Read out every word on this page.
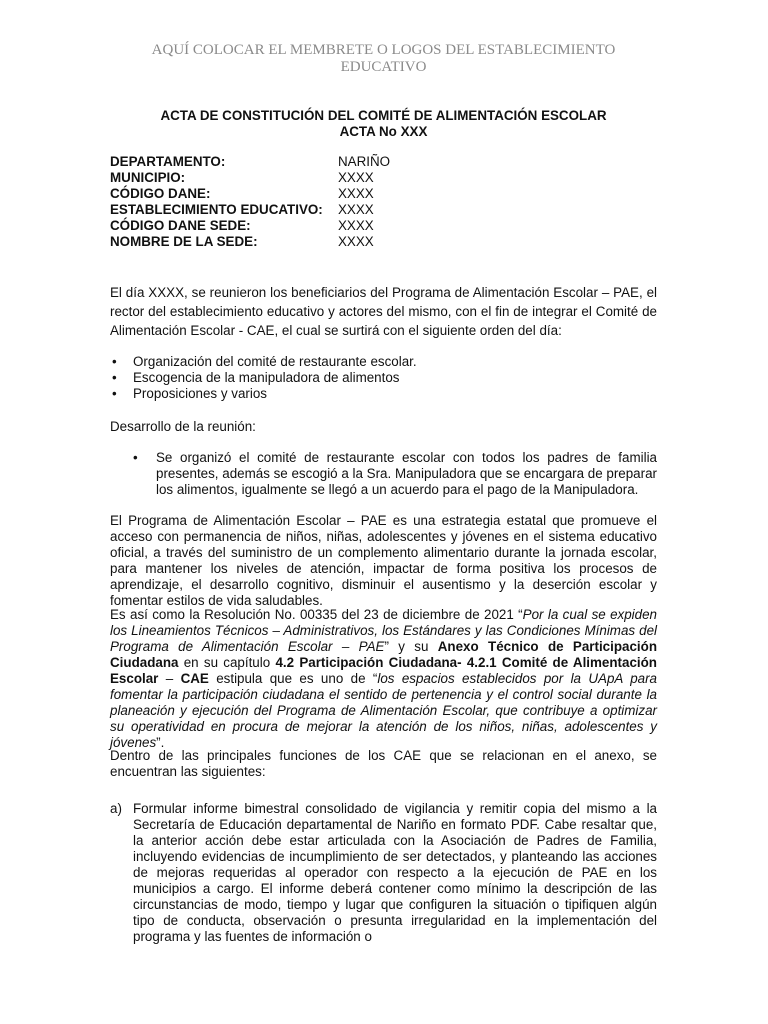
AQUÍ COLOCAR EL MEMBRETE O LOGOS DEL ESTABLECIMIENTO
EDUCATIVO
ACTA DE CONSTITUCIÓN DEL COMITÉ DE ALIMENTACIÓN ESCOLAR
ACTA No XXX
DEPARTAMENTO:	NARIÑO
MUNICIPIO:	XXXX
CÓDIGO DANE:	XXXX
ESTABLECIMIENTO EDUCATIVO:	XXXX
CÓDIGO DANE SEDE:	XXXX
NOMBRE DE LA SEDE:	XXXX

El día XXXX, se reunieron los beneficiarios del Programa de Alimentación Escolar – PAE, el rector del establecimiento educativo y actores del mismo, con el fin de integrar el Comité de Alimentación Escolar - CAE, el cual se surtirá con el siguiente orden del día:

• Organización del comité de restaurante escolar.
• Escogencia de la manipuladora de alimentos
• Proposiciones y varios

Desarrollo de la reunión:

• Se organizó el comité de restaurante escolar con todos los padres de familia presentes, además se escogió a la Sra. Manipuladora que se encargara de preparar los alimentos, igualmente se llegó a un acuerdo para el pago de la Manipuladora.

El Programa de Alimentación Escolar – PAE es una estrategia estatal que promueve el acceso con permanencia de niños, niñas, adolescentes y jóvenes en el sistema educativo oficial, a través del suministro de un complemento alimentario durante la jornada escolar, para mantener los niveles de atención, impactar de forma positiva los procesos de aprendizaje, el desarrollo cognitivo, disminuir el ausentismo y la deserción escolar y fomentar estilos de vida saludables.

Es así como la Resolución No. 00335 del 23 de diciembre de 2021 “Por la cual se expiden los Lineamientos Técnicos – Administrativos, los Estándares y las Condiciones Mínimas del Programa de Alimentación Escolar – PAE” y su Anexo Técnico de Participación Ciudadana en su capítulo 4.2 Participación Ciudadana- 4.2.1 Comité de Alimentación Escolar – CAE estipula que es uno de “los espacios establecidos por la UApA para fomentar la participación ciudadana el sentido de pertenencia y el control social durante la planeación y ejecución del Programa de Alimentación Escolar, que contribuye a optimizar su operatividad en procura de mejorar la atención de los niños, niñas, adolescentes y jóvenes”.

Dentro de las principales funciones de los CAE que se relacionan en el anexo, se encuentran las siguientes:

a) Formular informe bimestral consolidado de vigilancia y remitir copia del mismo a la Secretaría de Educación departamental de Nariño en formato PDF. Cabe resaltar que, la anterior acción debe estar articulada con la Asociación de Padres de Familia, incluyendo evidencias de incumplimiento de ser detectados, y planteando las acciones de mejoras requeridas al operador con respecto a la ejecución de PAE en los municipios a cargo. El informe deberá contener como mínimo la descripción de las circunstancias de modo, tiempo y lugar que configuren la situación o tipifiquen algún tipo de conducta, observación o presunta irregularidad en la implementación del programa y las fuentes de información o
